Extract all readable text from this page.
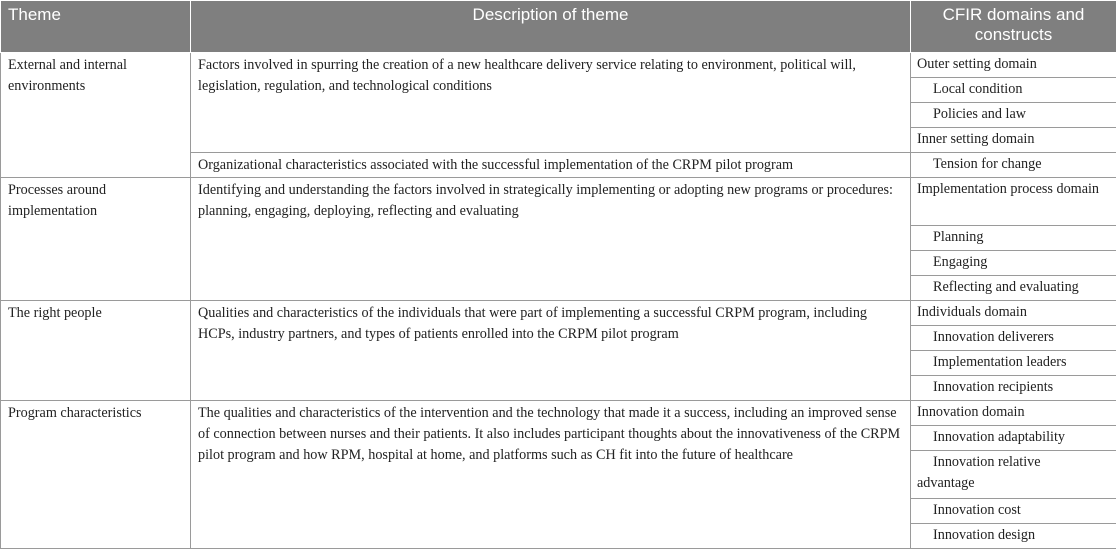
Theme	Description of theme	CFIR domains and constructs
External and internal environments	Factors involved in spurring the creation of a new healthcare delivery service relating to environment, political will, legislation, regulation, and technological conditions	Outer setting domain
		Local condition
		Policies and law
		Inner setting domain
	Organizational characteristics associated with the successful implementation of the CRPM pilot program	Tension for change
Processes around implementation	Identifying and understanding the factors involved in strategically implementing or adopting new programs or procedures: planning, engaging, deploying, reflecting and evaluating	Implementation process domain
		Planning
		Engaging
		Reflecting and evaluating
The right people	Qualities and characteristics of the individuals that were part of implementing a successful CRPM program, including HCPs, industry partners, and types of patients enrolled into the CRPM pilot program	Individuals domain
		Innovation deliverers
		Implementation leaders
		Innovation recipients
Program characteristics	The qualities and characteristics of the intervention and the technology that made it a success, including an improved sense of connection between nurses and their patients. It also includes participant thoughts about the innovativeness of the CRPM pilot program and how RPM, hospital at home, and platforms such as CH fit into the future of healthcare	Innovation domain
		Innovation adaptability

		Innovation relative
advantage

		Innovation cost
		Innovation design
